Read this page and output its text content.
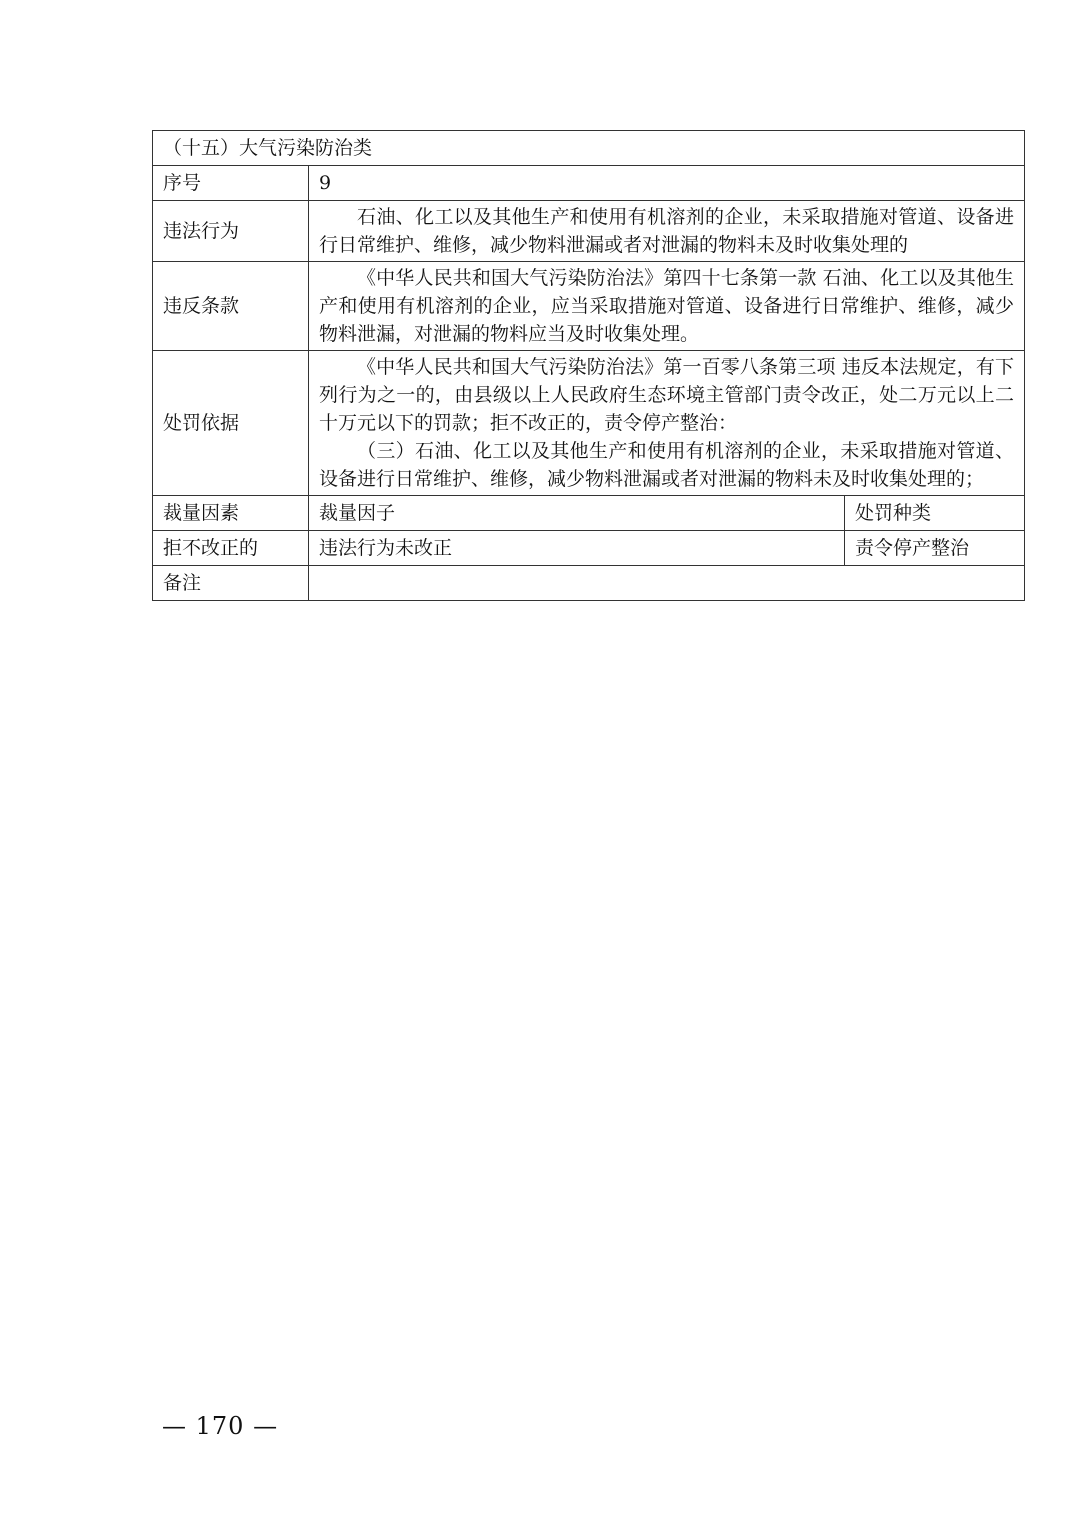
（十五）大气污染防治类		
序号	9	
违法行为	石油、化工以及其他生产和使用有机溶剂的企业，未采取措施对管道、设备进行日常维护、维修，减少物料泄漏或者对泄漏的物料未及时收集处理的	

违反条款	《中华人民共和国大气污染防治法》第四十七条第一款 石油、化工以及其他生产和使用有机溶剂的企业，应当采取措施对管道、设备进行日常维护、维修，减少物料泄漏，对泄漏的物料应当及时收集处理。	

处罚依据	《中华人民共和国大气污染防治法》第一百零八条第三项 违反本法规定，有下列行为之一的，由县级以上人民政府生态环境主管部门责令改正，处二万元以上二十万元以下的罚款；拒不改正的，责令停产整治：

（三）石油、化工以及其他生产和使用有机溶剂的企业，未采取措施对管道、设备进行日常维护、维修，减少物料泄漏或者对泄漏的物料未及时收集处理的；	

裁量因素	裁量因子	处罚种类
拒不改正的	违法行为未改正	责令停产整治
备注		
— 170 —
